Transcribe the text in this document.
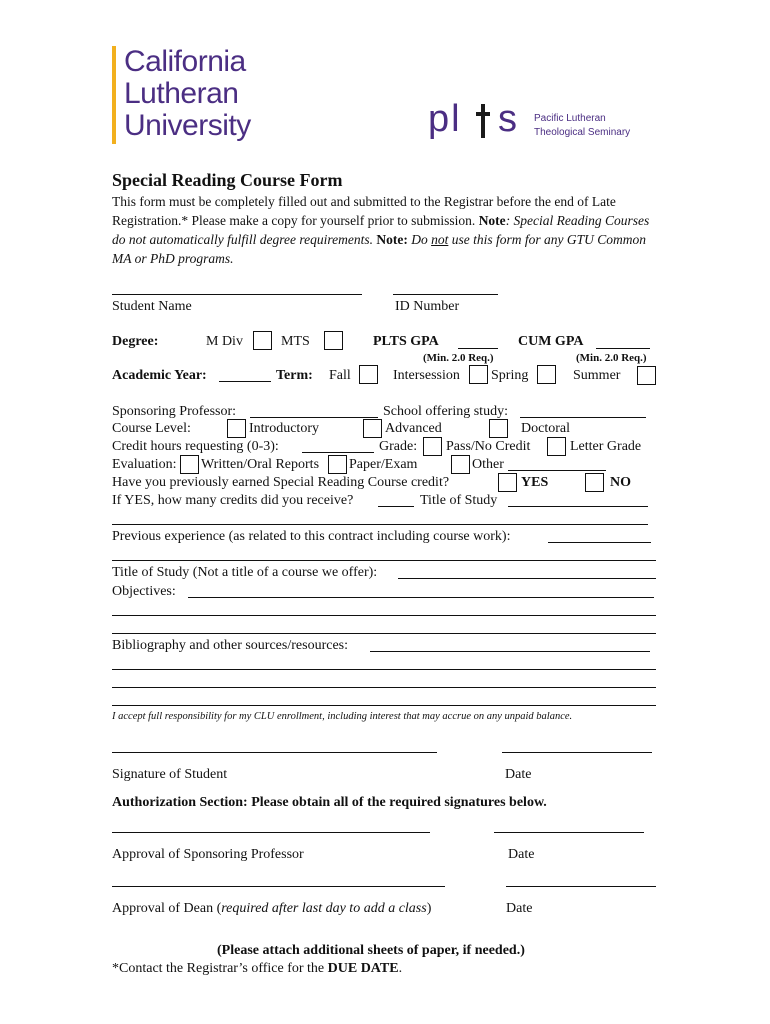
California
Lutheran
University	pl s Pacific Lutheran
Theological Seminary
Special Reading Course Form
This form must be completely filled out and submitted to the Registrar before the end of Late Registration.* Please make a copy for yourself prior to submission. Note: Special Reading Courses do not automatically fulfill degree requirements. Note: Do not use this form for any GTU Common MA or PhD programs.
Student Name	ID Number
Degree:	M Div	MTS	PLTS GPA	CUM GPA
(Min. 2.0 Req.)	(Min. 2.0 Req.)
Academic Year:	Term: Fall	Intersession Spring	Summer
Sponsoring Professor:	School offering study:
Course Level:	Introductory	Advanced	Doctoral
Credit hours requesting (0-3):	Grade: Pass/No Credit	Letter Grade
Evaluation: Written/Oral Reports Paper/Exam	Other
Have you previously earned Special Reading Course credit?	YES	NO
If YES, how many credits did you receive?	Title of Study
Previous experience (as related to this contract including course work):
Title of Study (Not a title of a course we offer):
Objectives:
Bibliography and other sources/resources:
I accept full responsibility for my CLU enrollment, including interest that may accrue on any unpaid balance.
Signature of Student	Date
Authorization Section: Please obtain all of the required signatures below.
Approval of Sponsoring Professor	Date
Approval of Dean (required after last day to add a class)	Date
(Please attach additional sheets of paper, if needed.)
*Contact the Registrar’s office for the DUE DATE.
